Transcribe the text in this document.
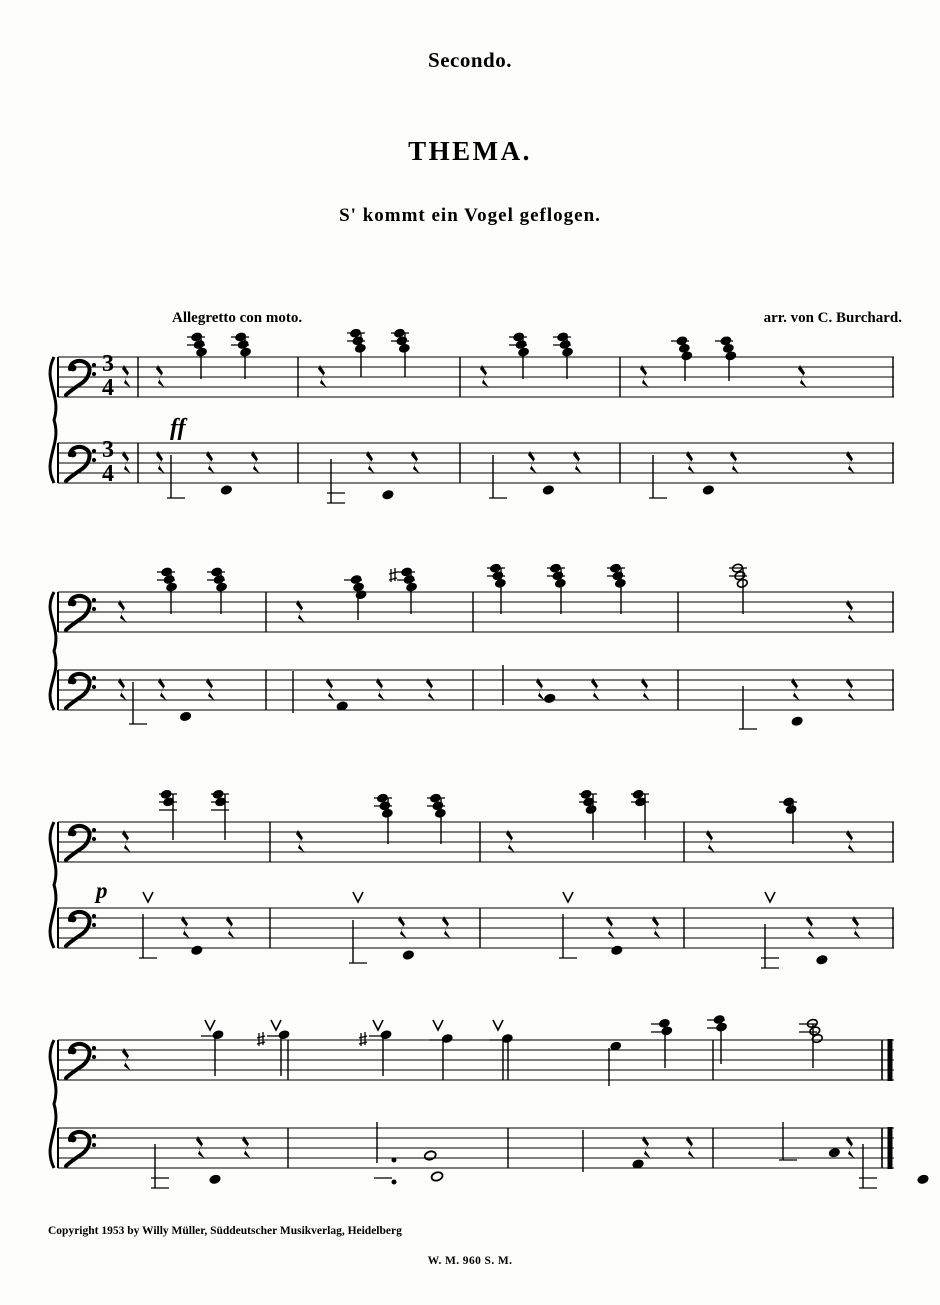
Secondo.
THEMA.
S' kommt ein Vogel geflogen.
Allegretto con moto.	arr. von C. Burchard.
3
4
3
4
ff
p
Copyright 1953 by Willy Müller, Süddeutscher Musikverlag, Heidelberg
W. M. 960 S. M.
